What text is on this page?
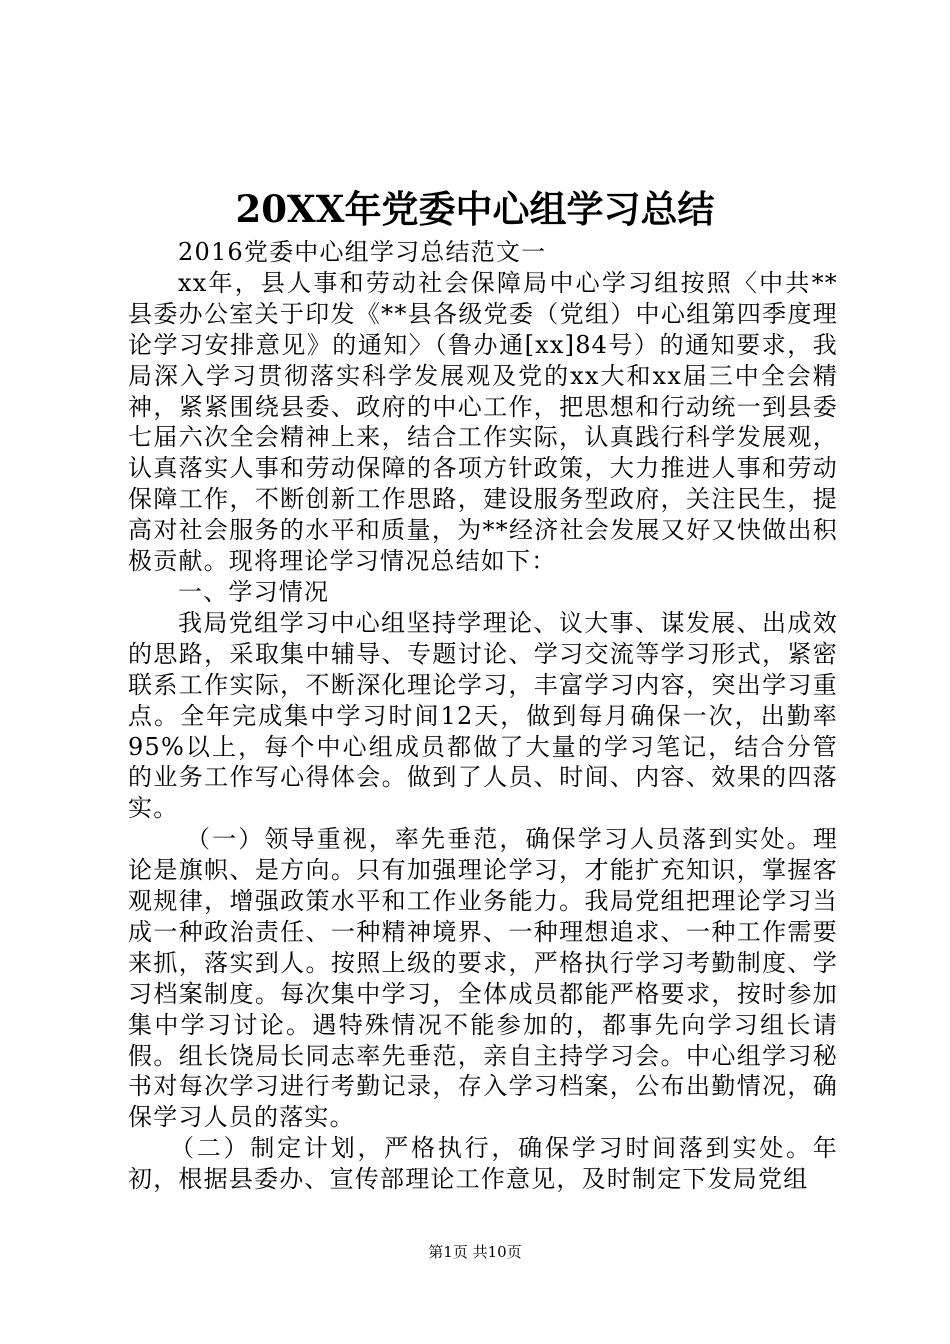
20XX年党委中心组学习总结

2016党委中心组学习总结范文一

xx年，县人事和劳动社会保障局中心学习组按照〈中共**县委办公室关于印发《**县各级党委（党组）中心组第四季度理论学习安排意见》的通知〉（鲁办通[xx]84号）的通知要求，我局深入学习贯彻落实科学发展观及党的xx大和xx届三中全会精神，紧紧围绕县委、政府的中心工作，把思想和行动统一到县委七届六次全会精神上来，结合工作实际，认真践行科学发展观，认真落实人事和劳动保障的各项方针政策，大力推进人事和劳动保障工作，不断创新工作思路，建设服务型政府，关注民生，提高对社会服务的水平和质量，为**经济社会发展又好又快做出积极贡献。现将理论学习情况总结如下：

一、学习情况

我局党组学习中心组坚持学理论、议大事、谋发展、出成效的思路，采取集中辅导、专题讨论、学习交流等学习形式，紧密联系工作实际，不断深化理论学习，丰富学习内容，突出学习重点。全年完成集中学习时间12天，做到每月确保一次，出勤率95%以上，每个中心组成员都做了大量的学习笔记，结合分管的业务工作写心得体会。做到了人员、时间、内容、效果的四落实。

（一）领导重视，率先垂范，确保学习人员落到实处。理论是旗帜、是方向。只有加强理论学习，才能扩充知识，掌握客观规律，增强政策水平和工作业务能力。我局党组把理论学习当成一种政治责任、一种精神境界、一种理想追求、一种工作需要来抓，落实到人。按照上级的要求，严格执行学习考勤制度、学习档案制度。每次集中学习，全体成员都能严格要求，按时参加集中学习讨论。遇特殊情况不能参加的，都事先向学习组长请假。组长饶局长同志率先垂范，亲自主持学习会。中心组学习秘书对每次学习进行考勤记录，存入学习档案，公布出勤情况，确保学习人员的落实。

（二）制定计划，严格执行，确保学习时间落到实处。年初，根据县委办、宣传部理论工作意见，及时制定下发局党组

第1页 共10页
